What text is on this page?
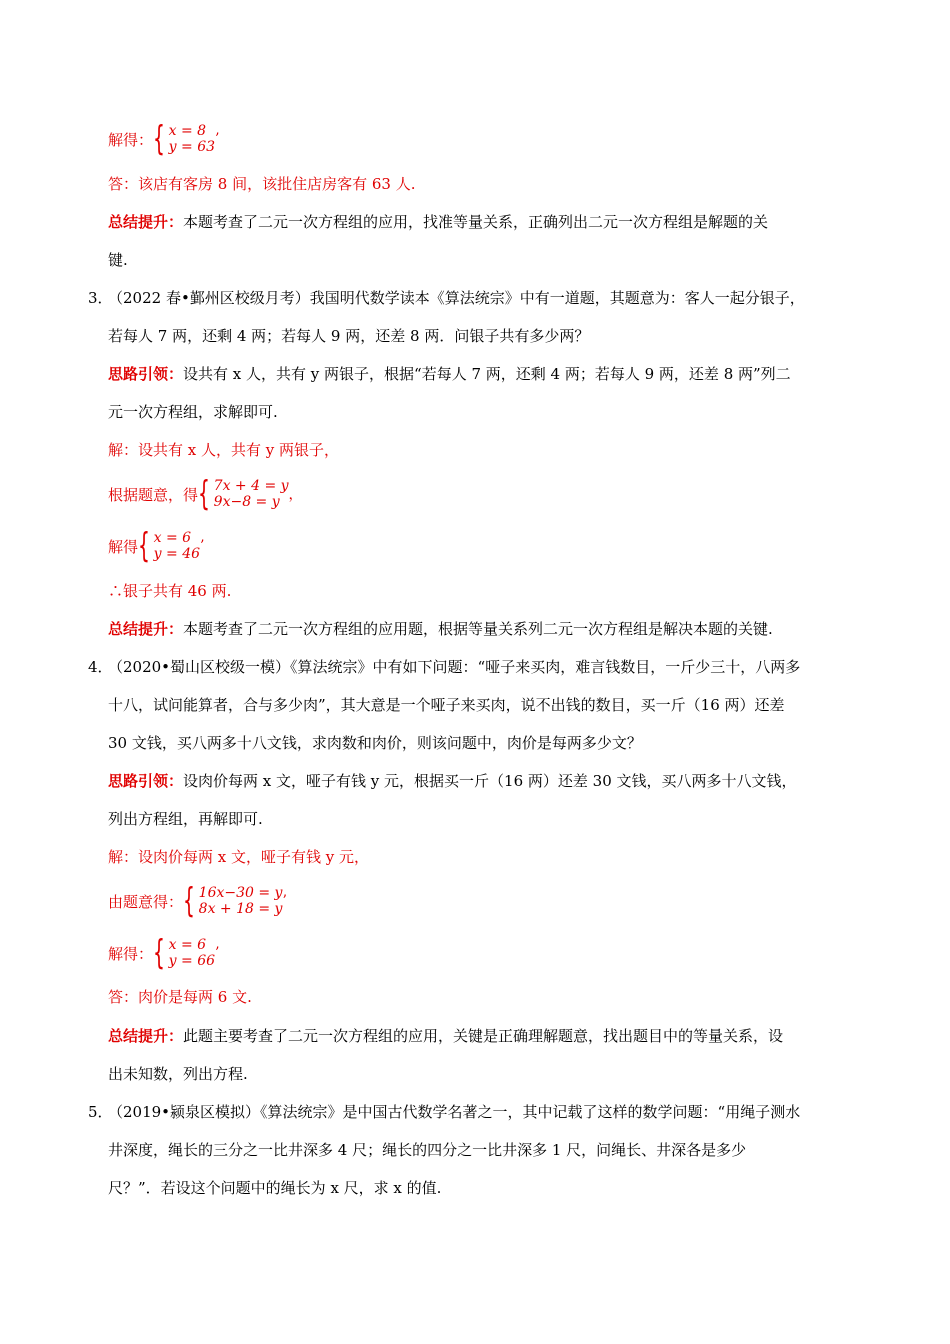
解得： { x = 8
y = 63 ’
答：该店有客房 8 间，该批住店房客有 63 人.
总结提升：本题考查了二元一次方程组的应用，找准等量关系，正确列出二元一次方程组是解题的关
键.
3．
（2022 春•鄞州区校级月考）我国明代数学读本《算法统宗》中有一道题，其题意为：客人一起分银子，
若每人 7 两，还剩 4 两；若每人 9 两，还差 8 两．问银子共有多少两？
思路引领：设共有 x 人，共有 y 两银子，根据“若每人 7 两，还剩 4 两；若每人 9 两，还差 8 两”列二
元一次方程组，求解即可.
解：设共有 x 人，共有 y 两银子，
根据题意，得 { 7x + 4 = y
9x−8 = y ，
解得 { x = 6
y = 46 ’
∴银子共有 46 两.
总结提升：本题考查了二元一次方程组的应用题，根据等量关系列二元一次方程组是解决本题的关键.
4．
（2020•蜀山区校级一模）《算法统宗》中有如下问题：“哑子来买肉，难言钱数目，一斤少三十，八两多
十八，试问能算者，合与多少肉”，其大意是一个哑子来买肉，说不出钱的数目，买一斤（16 两）还差
30 文钱，买八两多十八文钱，求肉数和肉价，则该问题中，肉价是每两多少文？
思路引领：设肉价每两 x 文，哑子有钱 y 元，根据买一斤（16 两）还差 30 文钱，买八两多十八文钱，
列出方程组，再解即可.
解：设肉价每两 x 文，哑子有钱 y 元，
由题意得： { 16x−30 = y
8x + 18 = y ’
解得： { x = 6
y = 66 ’
答：肉价是每两 6 文.
总结提升：此题主要考查了二元一次方程组的应用，关键是正确理解题意，找出题目中的等量关系，设
出未知数，列出方程.
5．
（2019•颍泉区模拟）《算法统宗》是中国古代数学名著之一，其中记载了这样的数学问题：“用绳子测水
井深度，绳长的三分之一比井深多 4 尺；绳长的四分之一比井深多 1 尺，问绳长、井深各是多少
尺？”．若设这个问题中的绳长为 x 尺，求 x 的值.
